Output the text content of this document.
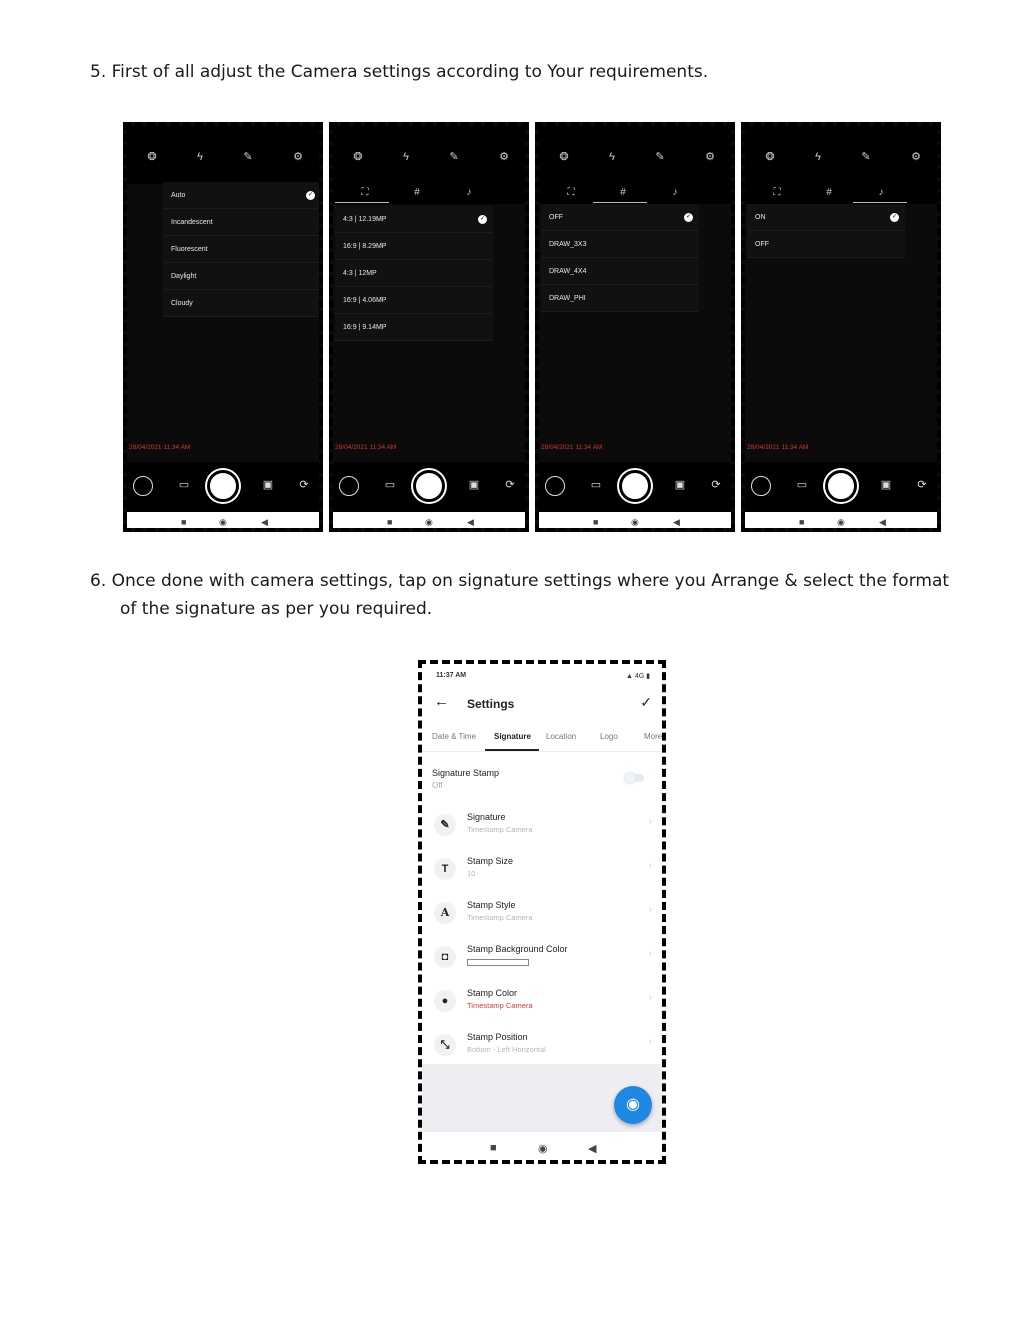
5. First of all adjust the Camera settings according to Your requirements.
6. Once done with camera settings, tap on signature settings where you Arrange & select the format
of the signature as per you required.
❂	ϟ	✎	⚙
Auto	✓
Incandescent
Fluorescent
Daylight
Cloudy
28/04/2021 11:34 AM
▭	▣ ⟳
■	◉	◀
❂	ϟ	✎	⚙
⛶	#	♪
4:3 | 12.19MP	✓
16:9 | 8.29MP
4:3 | 12MP
16:9 | 4.06MP
16:9 | 9.14MP
28/04/2021 11:34 AM
▭	▣ ⟳
■	◉	◀
❂	ϟ	✎	⚙
⛶	#	♪
OFF	✓
DRAW_3X3
DRAW_4X4
DRAW_PHI
28/04/2021 11:34 AM
▭	▣ ⟳
■	◉	◀
❂	ϟ	✎	⚙
⛶	#	♪
ON	✓
OFF
28/04/2021 11:34 AM
▭	▣ ⟳
■	◉	◀
11:37 AM	▲ 4G ▮
← Settings	✓
Date & Time Signature Location	Logo	More
Signature Stamp
Off
✎
Signature
Timestamp Camera
›
T
Stamp Size
10
›
A
Stamp Style
Timestamp Camera
›
◘
Stamp Background Color	›
●
Stamp Color
Timestamp Camera
›
⤡
Stamp Position
Bottom - Left Horizontal
›
◉
■	◉	◀
